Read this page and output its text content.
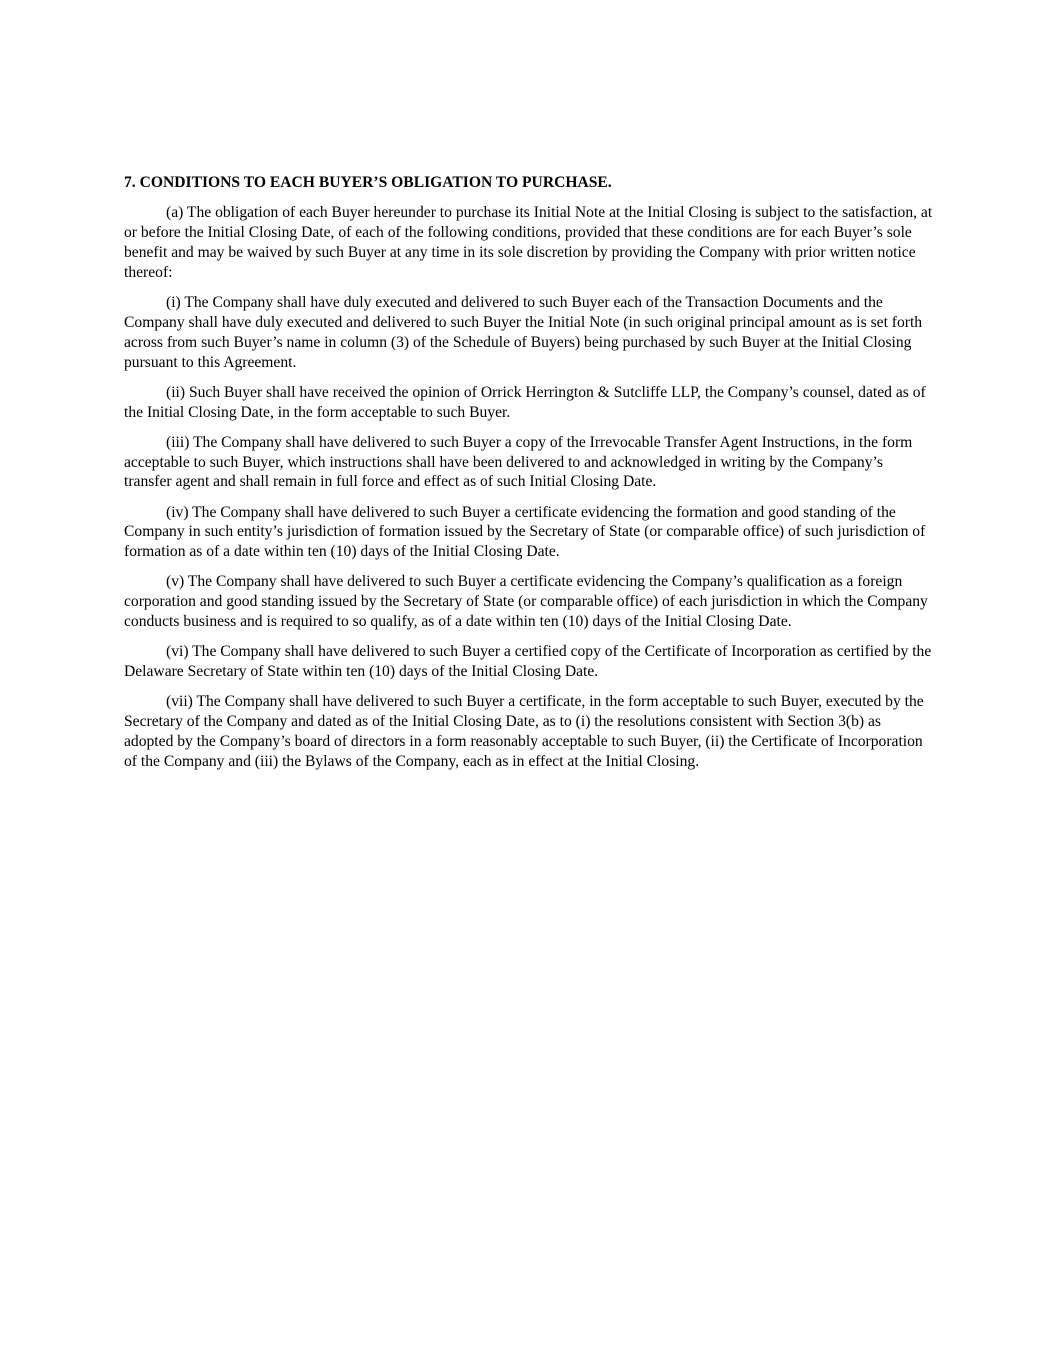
7. CONDITIONS TO EACH BUYER’S OBLIGATION TO PURCHASE.

(a) The obligation of each Buyer hereunder to purchase its Initial Note at the Initial Closing is subject to the satisfaction, at or before the Initial Closing Date, of each of the following conditions, provided that these conditions are for each Buyer’s sole benefit and may be waived by such Buyer at any time in its sole discretion by providing the Company with prior written notice thereof:

(i) The Company shall have duly executed and delivered to such Buyer each of the Transaction Documents and the Company shall have duly executed and delivered to such Buyer the Initial Note (in such original principal amount as is set forth across from such Buyer’s name in column (3) of the Schedule of Buyers) being purchased by such Buyer at the Initial Closing pursuant to this Agreement.

(ii) Such Buyer shall have received the opinion of Orrick Herrington & Sutcliffe LLP, the Company’s counsel, dated as of the Initial Closing Date, in the form acceptable to such Buyer.

(iii) The Company shall have delivered to such Buyer a copy of the Irrevocable Transfer Agent Instructions, in the form acceptable to such Buyer, which instructions shall have been delivered to and acknowledged in writing by the Company’s transfer agent and shall remain in full force and effect as of such Initial Closing Date.

(iv) The Company shall have delivered to such Buyer a certificate evidencing the formation and good standing of the Company in such entity’s jurisdiction of formation issued by the Secretary of State (or comparable office) of such jurisdiction of formation as of a date within ten (10) days of the Initial Closing Date.

(v) The Company shall have delivered to such Buyer a certificate evidencing the Company’s qualification as a foreign corporation and good standing issued by the Secretary of State (or comparable office) of each jurisdiction in which the Company conducts business and is required to so qualify, as of a date within ten (10) days of the Initial Closing Date.

(vi) The Company shall have delivered to such Buyer a certified copy of the Certificate of Incorporation as certified by the Delaware Secretary of State within ten (10) days of the Initial Closing Date.

(vii) The Company shall have delivered to such Buyer a certificate, in the form acceptable to such Buyer, executed by the Secretary of the Company and dated as of the Initial Closing Date, as to (i) the resolutions consistent with Section 3(b) as adopted by the Company’s board of directors in a form reasonably acceptable to such Buyer, (ii) the Certificate of Incorporation of the Company and (iii) the Bylaws of the Company, each as in effect at the Initial Closing.
